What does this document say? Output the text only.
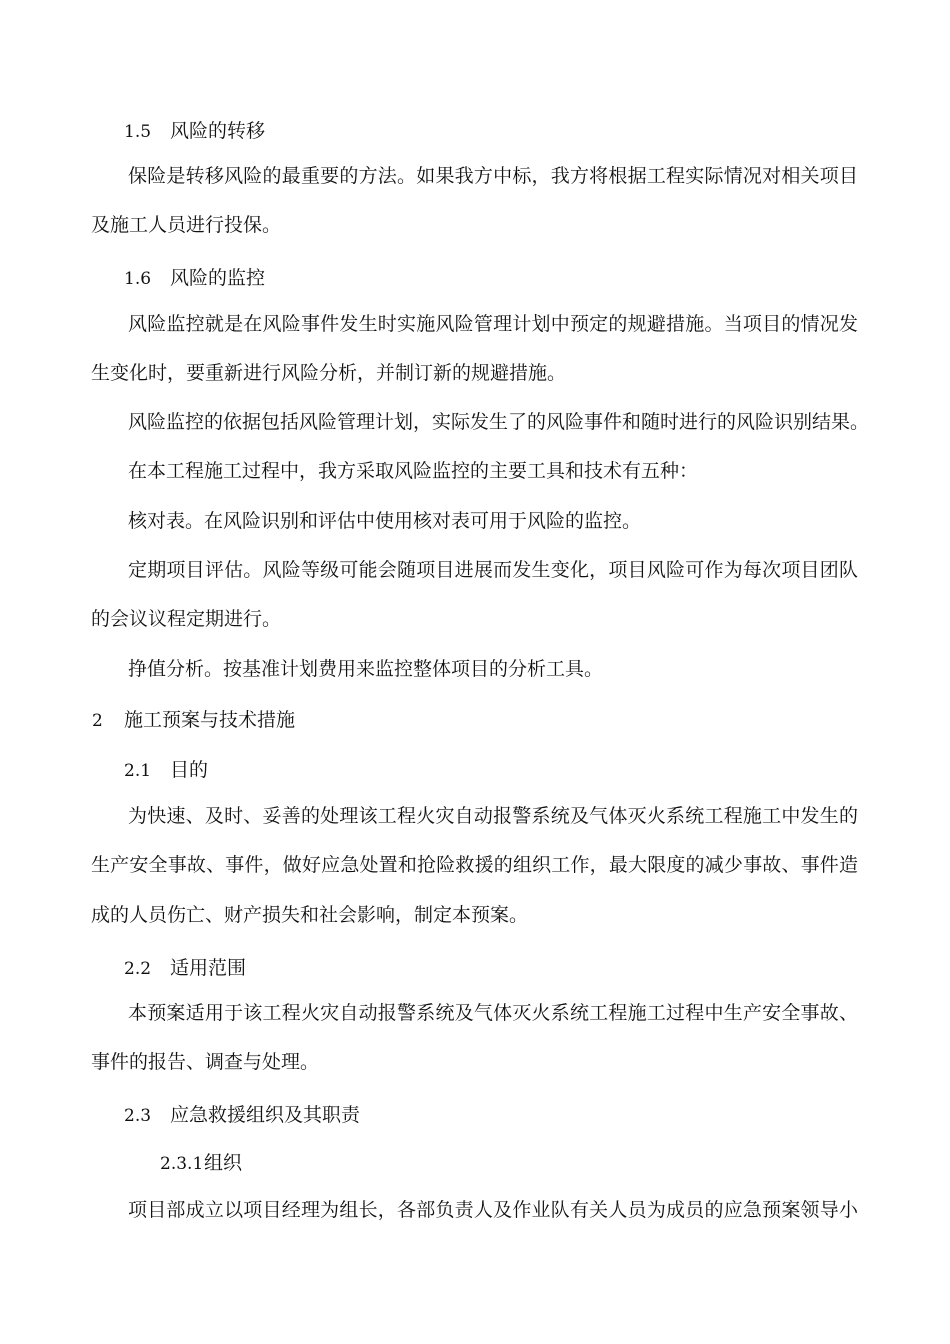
1.5 风险的转移
保险是转移风险的最重要的方法。如果我方中标，我方将根据工程实际情况对相关项目
及施工人员进行投保。
1.6 风险的监控
风险监控就是在风险事件发生时实施风险管理计划中预定的规避措施。当项目的情况发
生变化时，要重新进行风险分析，并制订新的规避措施。
风险监控的依据包括风险管理计划，实际发生了的风险事件和随时进行的风险识别结果。
在本工程施工过程中，我方采取风险监控的主要工具和技术有五种：
核对表。在风险识别和评估中使用核对表可用于风险的监控。
定期项目评估。风险等级可能会随项目进展而发生变化，项目风险可作为每次项目团队
的会议议程定期进行。
挣值分析。按基准计划费用来监控整体项目的分析工具。
2 施工预案与技术措施
2.1 目的
为快速、及时、妥善的处理该工程火灾自动报警系统及气体灭火系统工程施工中发生的
生产安全事故、事件，做好应急处置和抢险救援的组织工作，最大限度的减少事故、事件造
成的人员伤亡、财产损失和社会影响，制定本预案。
2.2 适用范围
本预案适用于该工程火灾自动报警系统及气体灭火系统工程施工过程中生产安全事故、
事件的报告、调查与处理。
2.3 应急救援组织及其职责
2.3.1组织
项目部成立以项目经理为组长，各部负责人及作业队有关人员为成员的应急预案领导小
